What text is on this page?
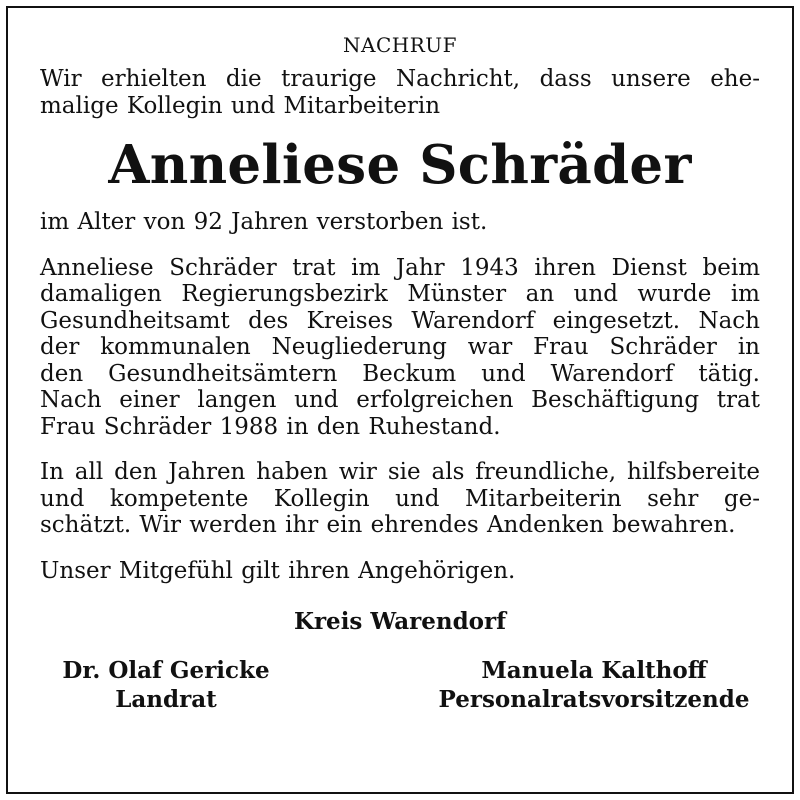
NACHRUF
Wir erhielten die traurige Nachricht, dass unsere ehe-
malige Kollegin und Mitarbeiterin
Anneliese Schräder
im Alter von 92 Jahren verstorben ist.
Anneliese Schräder trat im Jahr 1943 ihren Dienst beim
damaligen Regierungsbezirk Münster an und wurde im
Gesundheitsamt des Kreises Warendorf eingesetzt. Nach
der kommunalen Neugliederung war Frau Schräder in
den Gesundheitsämtern Beckum und Warendorf tätig.
Nach einer langen und erfolgreichen Beschäftigung trat
Frau Schräder 1988 in den Ruhestand.
In all den Jahren haben wir sie als freundliche, hilfsbereite
und kompetente Kollegin und Mitarbeiterin sehr ge-
schätzt. Wir werden ihr ein ehrendes Andenken bewahren.
Unser Mitgefühl gilt ihren Angehörigen.
Kreis Warendorf
Dr. Olaf Gericke
Landrat
Manuela Kalthoff
Personalratsvorsitzende
